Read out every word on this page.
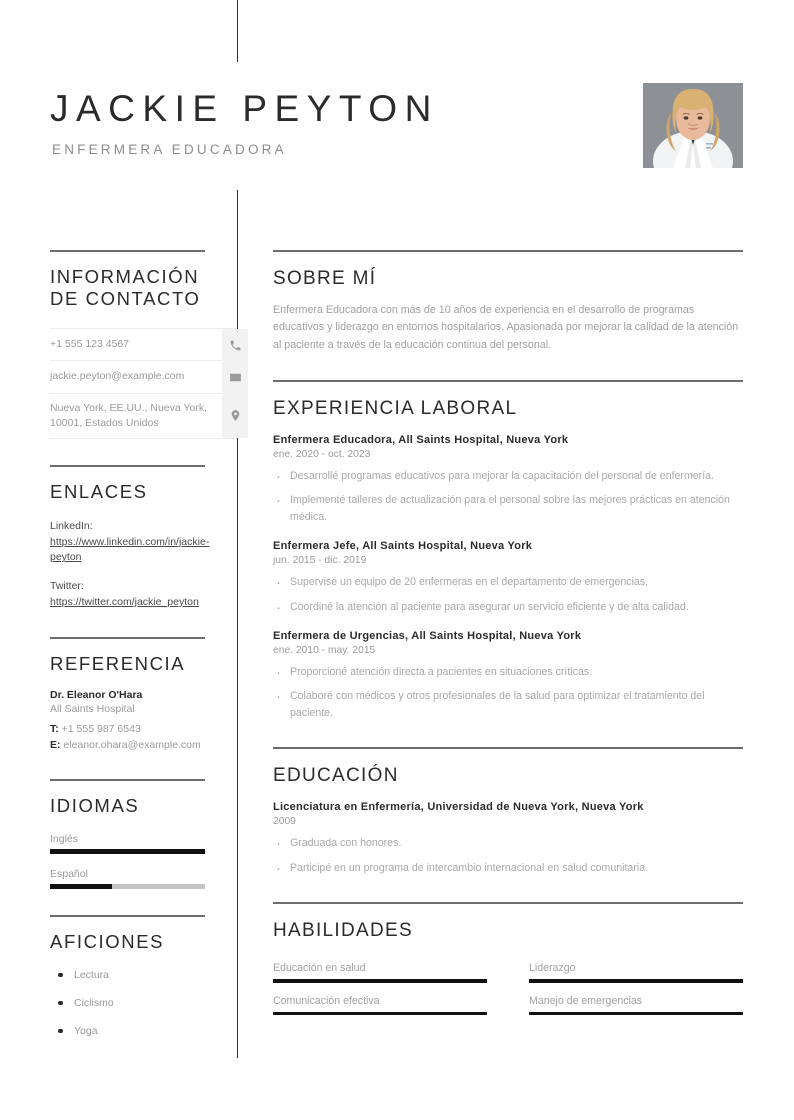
JACKIE PEYTON
ENFERMERA EDUCADORA
INFORMACIÓN
DE CONTACTO
+1 555 123 4567
jackie.peyton@example.com
Nueva York, EE.UU., Nueva York, 10001, Estados Unidos
ENLACES
LinkedIn:
https://www.linkedin.com/in/jackie-peyton
Twitter:
https://twitter.com/jackie_peyton
REFERENCIA
Dr. Eleanor O'Hara
All Saints Hospital
T: +1 555 987 6543
E: eleanor.ohara@example.com
IDIOMAS
Inglés
Español
AFICIONES
Lectura
Ciclismo
Yoga
SOBRE MÍ
Enfermera Educadora con más de 10 años de experiencia en el desarrollo de programas educativos y liderazgo en entornos hospitalarios. Apasionada por mejorar la calidad de la atención al paciente a través de la educación continua del personal.
EXPERIENCIA LABORAL
Enfermera Educadora, All Saints Hospital, Nueva York
ene. 2020 - oct. 2023
· Desarrollé programas educativos para mejorar la capacitación del personal de enfermería.
· Implementé talleres de actualización para el personal sobre las mejores prácticas en atención médica.
Enfermera Jefe, All Saints Hospital, Nueva York
jun. 2015 - dic. 2019
· Supervisé un equipo de 20 enfermeras en el departamento de emergencias.
· Coordiné la atención al paciente para asegurar un servicio eficiente y de alta calidad.
Enfermera de Urgencias, All Saints Hospital, Nueva York
ene. 2010 - may. 2015
· Proporcioné atención directa a pacientes en situaciones críticas.
· Colaboré con médicos y otros profesionales de la salud para optimizar el tratamiento del paciente.
EDUCACIÓN
Licenciatura en Enfermería, Universidad de Nueva York, Nueva York
2009
· Graduada con honores.
· Participé en un programa de intercambio internacional en salud comunitaria.
HABILIDADES
Educación en salud	Liderazgo
Comunicación efectiva	Manejo de emergencias
